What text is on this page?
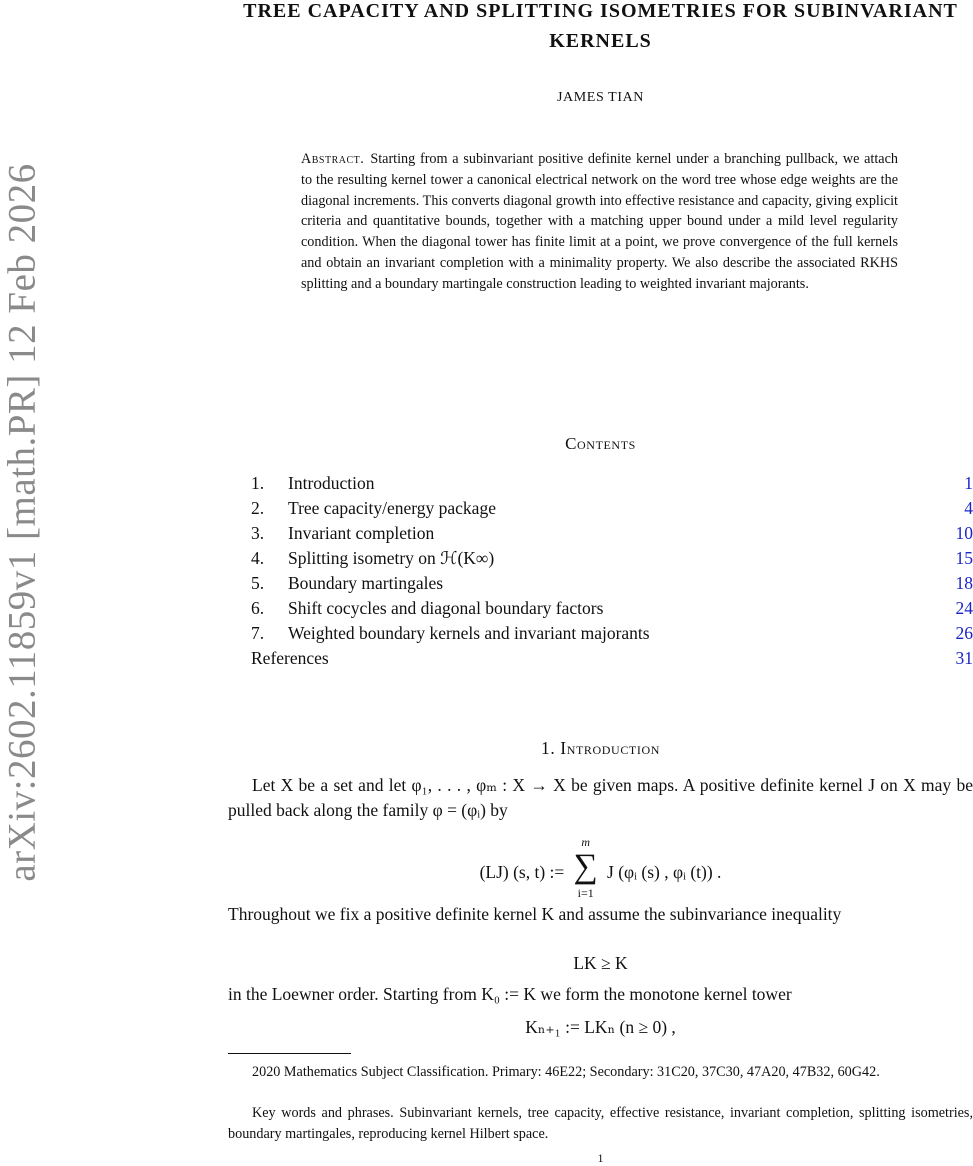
arXiv:2602.11859v1 [math.PR] 12 Feb 2026
TREE CAPACITY AND SPLITTING ISOMETRIES FOR SUBINVARIANT KERNELS
JAMES TIAN
Abstract. Starting from a subinvariant positive definite kernel under a branching pullback, we attach to the resulting kernel tower a canonical electrical network on the word tree whose edge weights are the diagonal increments. This converts diagonal growth into effective resistance and capacity, giving explicit criteria and quantitative bounds, together with a matching upper bound under a mild level regularity condition. When the diagonal tower has finite limit at a point, we prove convergence of the full kernels and obtain an invariant completion with a minimality property. We also describe the associated RKHS splitting and a boundary martingale construction leading to weighted invariant majorants.
Contents
1. Introduction	1
2. Tree capacity/energy package	4
3. Invariant completion	10
4. Splitting isometry on ℋ(K∞)	15
5. Boundary martingales	18
6. Shift cocycles and diagonal boundary factors	24
7. Weighted boundary kernels and invariant majorants	26
References	31
1. Introduction
Let X be a set and let φ₁, . . . , φₘ : X → X be given maps. A positive definite kernel J on X may be pulled back along the family φ = (φᵢ) by
(LJ) (s, t) :=
m
∑
i=1
J (φᵢ (s) , φᵢ (t)) .
Throughout we fix a positive definite kernel K and assume the subinvariance inequality
LK ≥ K
in the Loewner order. Starting from K₀ := K we form the monotone kernel tower
Kₙ₊₁ := LKₙ (n ≥ 0) ,
2020 Mathematics Subject Classification. Primary: 46E22; Secondary: 31C20, 37C30, 47A20, 47B32, 60G42.
Key words and phrases. Subinvariant kernels, tree capacity, effective resistance, invariant completion, splitting isometries, boundary martingales, reproducing kernel Hilbert space.
1
